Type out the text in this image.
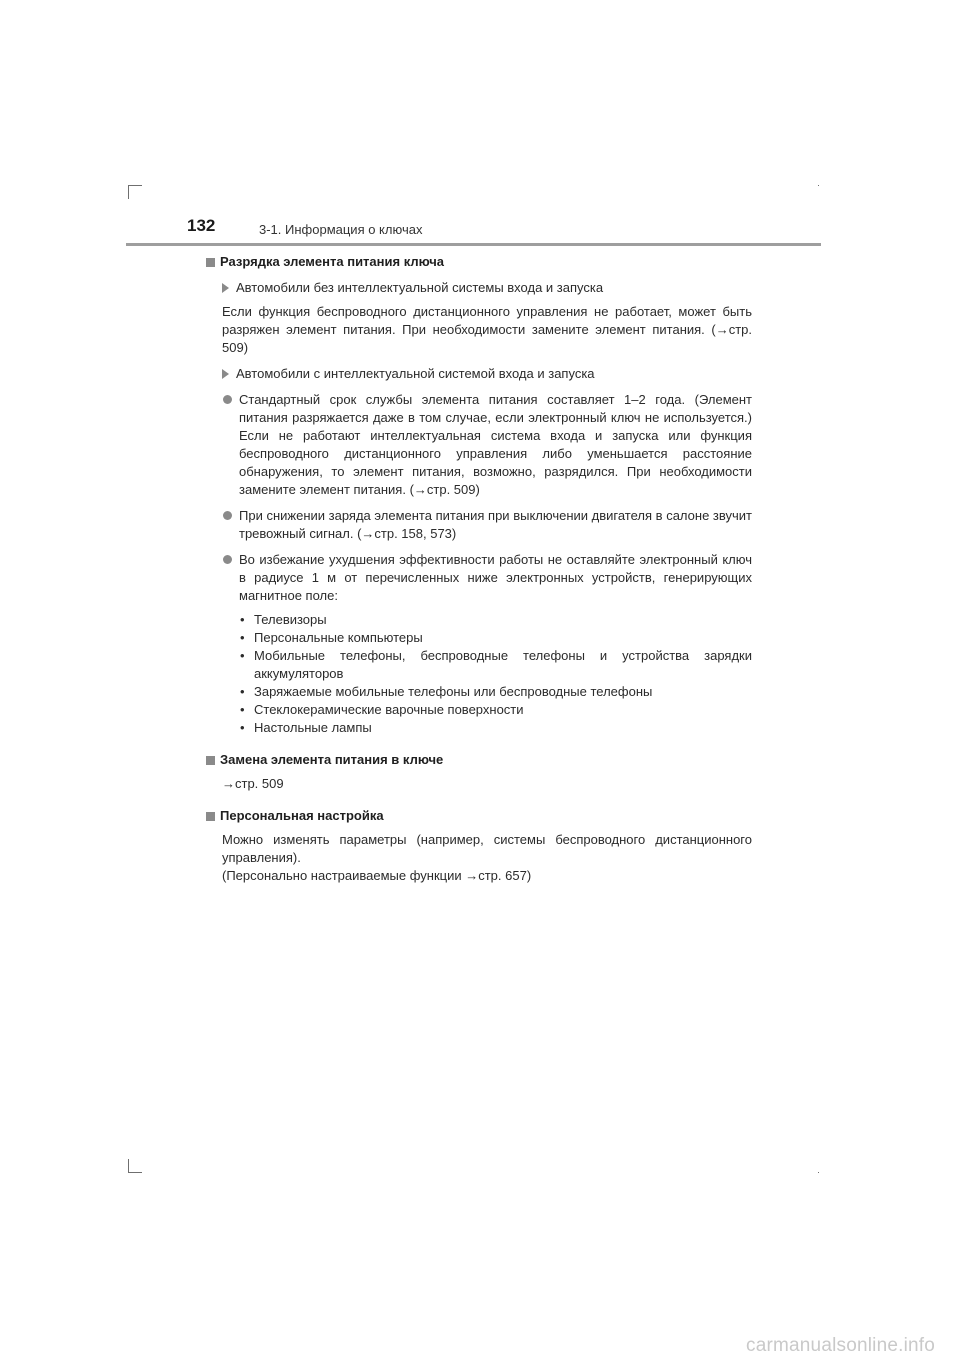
132	3-1. Информация о ключах
Разрядка элемента питания ключа
Автомобили без интеллектуальной системы входа и запуска
Если функция беспроводного дистанционного управления не работает, может быть разряжен элемент питания. При необходимости замените элемент питания. (→стр. 509)
Автомобили с интеллектуальной системой входа и запуска
Стандартный срок службы элемента питания составляет 1–2 года. (Элемент питания разряжается даже в том случае, если электронный ключ не используется.) Если не работают интеллектуальная система входа и запуска или функция беспроводного дистанционного управления либо уменьшается расстояние обнаружения, то элемент питания, возможно, разрядился. При необходимости замените элемент питания. (→стр. 509)
При снижении заряда элемента питания при выключении двигателя в салоне звучит тревожный сигнал. (→стр. 158, 573)
Во избежание ухудшения эффективности работы не оставляйте электронный ключ в радиусе 1 м от перечисленных ниже электронных устройств, генерирующих магнитное поле:
• Телевизоры
• Персональные компьютеры
• Мобильные телефоны, беспроводные телефоны и устройства зарядки аккумуляторов
• Заряжаемые мобильные телефоны или беспроводные телефоны
• Стеклокерамические варочные поверхности
• Настольные лампы
Замена элемента питания в ключе
→стр. 509
Персональная настройка
Можно изменять параметры (например, системы беспроводного дистанционного управления).
(Персонально настраиваемые функции →стр. 657)
carmanualsonline.info
